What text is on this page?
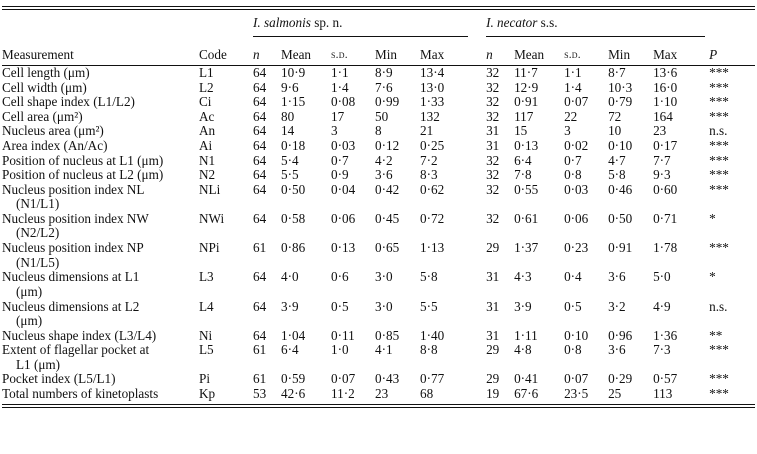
		I. salmonis sp. n.					I. necator s.s.					

Measurement	Code	n	Mean	s.d.	Min	Max	n	Mean	s.d.	Min	Max	P

Cell length (μm)	L1	64	10·9	1·1	8·9	13·4	32	11·7	1·1	8·7	13·6	***

Cell width (μm)	L2	64	9·6	1·4	7·6	13·0	32	12·9	1·4	10·3	16·0	***

Cell shape index (L1/L2)	Ci	64	1·15	0·08	0·99	1·33	32	0·91	0·07	0·79	1·10	***

Cell area (μm²)	Ac	64	80	17	50	132	32	117	22	72	164	***

Nucleus area (μm²)	An	64	14	3	8	21	31	15	3	10	23	n.s.

Area index (An/Ac)	Ai	64	0·18	0·03	0·12	0·25	31	0·13	0·02	0·10	0·17	***

Position of nucleus at L1 (μm)	N1	64	5·4	0·7	4·2	7·2	32	6·4	0·7	4·7	7·7	***

Position of nucleus at L2 (μm)	N2	64	5·5	0·9	3·6	8·3	32	7·8	0·8	5·8	9·3	***

Nucleus position index NL
(N1/L1)	NLi	64	0·50	0·04	0·42	0·62	32	0·55	0·03	0·46	0·60	***

Nucleus position index NW
(N2/L2)	NWi	64	0·58	0·06	0·45	0·72	32	0·61	0·06	0·50	0·71	*

Nucleus position index NP
(N1/L5)	NPi	61	0·86	0·13	0·65	1·13	29	1·37	0·23	0·91	1·78	***

Nucleus dimensions at L1
(μm)	L3	64	4·0	0·6	3·0	5·8	31	4·3	0·4	3·6	5·0	*

Nucleus dimensions at L2
(μm)	L4	64	3·9	0·5	3·0	5·5	31	3·9	0·5	3·2	4·9	n.s.

Nucleus shape index (L3/L4)	Ni	64	1·04	0·11	0·85	1·40	31	1·11	0·10	0·96	1·36	**

Extent of flagellar pocket at
L1 (μm)	L5	61	6·4	1·0	4·1	8·8	29	4·8	0·8	3·6	7·3	***

Pocket index (L5/L1)	Pi	61	0·59	0·07	0·43	0·77	29	0·41	0·07	0·29	0·57	***

Total numbers of kinetoplasts	Kp	53	42·6	11·2	23	68	19	67·6	23·5	25	113	***
